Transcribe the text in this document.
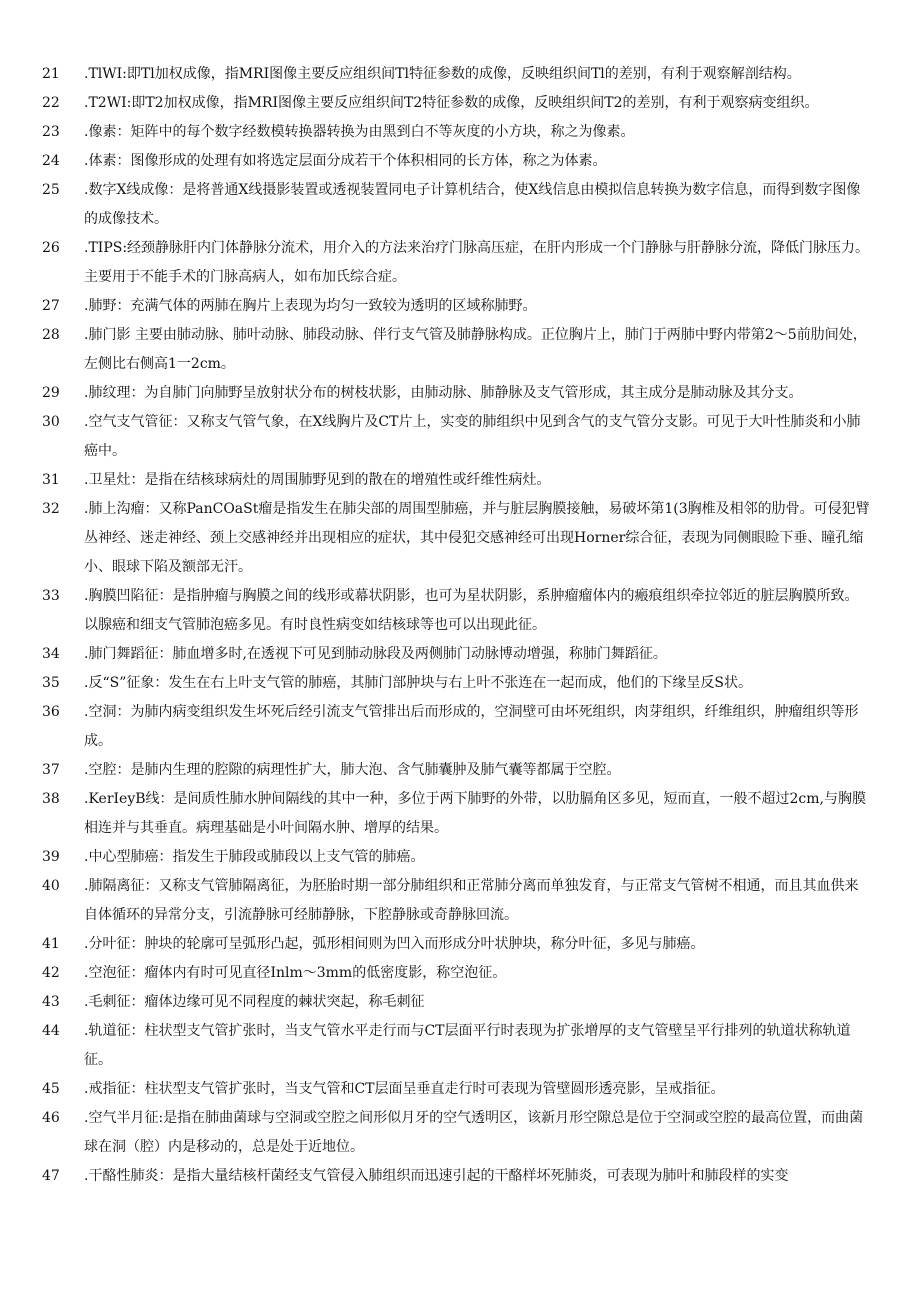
21	.TlWI:即Tl加权成像，指MRI图像主要反应组织间Tl特征参数的成像，反映组织间Tl的差别，有利于观察解剖结构。
22	.T2WI:即T2加权成像，指MRI图像主要反应组织间T2特征参数的成像，反映组织间T2的差别，有利于观察病变组织。
23	.像素：矩阵中的每个数字经数模转换器转换为由黑到白不等灰度的小方块，称之为像素。
24	.体素：图像形成的处理有如将选定层面分成若干个体积相同的长方体，称之为体素。
25	.数字X线成像：是将普通X线摄影装置或透视装置同电子计算机结合，使X线信息由模拟信息转换为数字信息，而得到数字图像的成像技术。
26	.TIPS:经颈静脉肝内门体静脉分流术，用介入的方法来治疗门脉高压症，在肝内形成一个门静脉与肝静脉分流，降低门脉压力。主要用于不能手术的门脉高病人，如布加氏综合症。
27	.肺野：充满气体的两肺在胸片上表现为均匀一致较为透明的区域称肺野。
28	.肺门影 主要由肺动脉、肺叶动脉、肺段动脉、伴行支气管及肺静脉构成。正位胸片上，肺门于两肺中野内带第2～5前肋间处，左侧比右侧高1一2cm。
29	.肺纹理：为自肺门向肺野呈放射状分布的树枝状影，由肺动脉、肺静脉及支气管形成，其主成分是肺动脉及其分支。
30	.空气支气管征：又称支气管气象，在X线胸片及CT片上，实变的肺组织中见到含气的支气管分支影。可见于大叶性肺炎和小肺癌中。
31	.卫星灶：是指在结核球病灶的周围肺野见到的散在的增殖性或纤维性病灶。
32	.肺上沟瘤：又称PanCOaSt瘤是指发生在肺尖部的周围型肺癌，并与脏层胸膜接触，易破坏第1(3胸椎及相邻的肋骨。可侵犯臂丛神经、迷走神经、颈上交感神经并出现相应的症状，其中侵犯交感神经可出现Horner综合征，表现为同侧眼睑下垂、瞳孔缩小、眼球下陷及额部无汗。
33	.胸膜凹陷征：是指肿瘤与胸膜之间的线形或幕状阴影，也可为星状阴影，系肿瘤瘤体内的瘢痕组织牵拉邻近的脏层胸膜所致。以腺癌和细支气管肺泡癌多见。有时良性病变如结核球等也可以出现此征。
34	.肺门舞蹈征：肺血增多时,在透视下可见到肺动脉段及两侧肺门动脉博动增强，称肺门舞蹈征。
35	.反“S”征象：发生在右上叶支气管的肺癌，其肺门部肿块与右上叶不张连在一起而成，他们的下缘呈反S状。
36	.空洞：为肺内病变组织发生坏死后经引流支气管排出后而形成的，空洞壁可由坏死组织，肉芽组织，纤维组织，肿瘤组织等形成。
37	.空腔：是肺内生理的腔隙的病理性扩大，肺大泡、含气肺囊肿及肺气囊等都属于空腔。
38	.KerIeyB线：是间质性肺水肿间隔线的其中一种，多位于两下肺野的外带，以肋膈角区多见，短而直，一般不超过2cm,与胸膜相连并与其垂直。病理基础是小叶间隔水肿、增厚的结果。
39	.中心型肺癌：指发生于肺段或肺段以上支气管的肺癌。
40	.肺隔离征：又称支气管肺隔离征，为胚胎时期一部分肺组织和正常肺分离而单独发育，与正常支气管树不相通，而且其血供来自体循环的异常分支，引流静脉可经肺静脉，下腔静脉或奇静脉回流。
41	.分叶征：肿块的轮廓可呈弧形凸起，弧形相间则为凹入而形成分叶状肿块，称分叶征，多见与肺癌。
42	.空泡征：瘤体内有时可见直径Inlm～3mm的低密度影，称空泡征。
43	.毛刺征：瘤体边缘可见不同程度的棘状突起，称毛刺征
44	.轨道征：柱状型支气管扩张时，当支气管水平走行而与CT层面平行时表现为扩张增厚的支气管壁呈平行排列的轨道状称轨道征。
45	.戒指征：柱状型支气管扩张时，当支气管和CT层面呈垂直走行时可表现为管壁圆形透亮影，呈戒指征。
46	.空气半月征:是指在肺曲菌球与空洞或空腔之间形似月牙的空气透明区，该新月形空隙总是位于空洞或空腔的最高位置，而曲菌球在洞（腔）内是移动的，总是处于近地位。
47	.干酪性肺炎：是指大量结核杆菌经支气管侵入肺组织而迅速引起的干酪样坏死肺炎，可表现为肺叶和肺段样的实变
